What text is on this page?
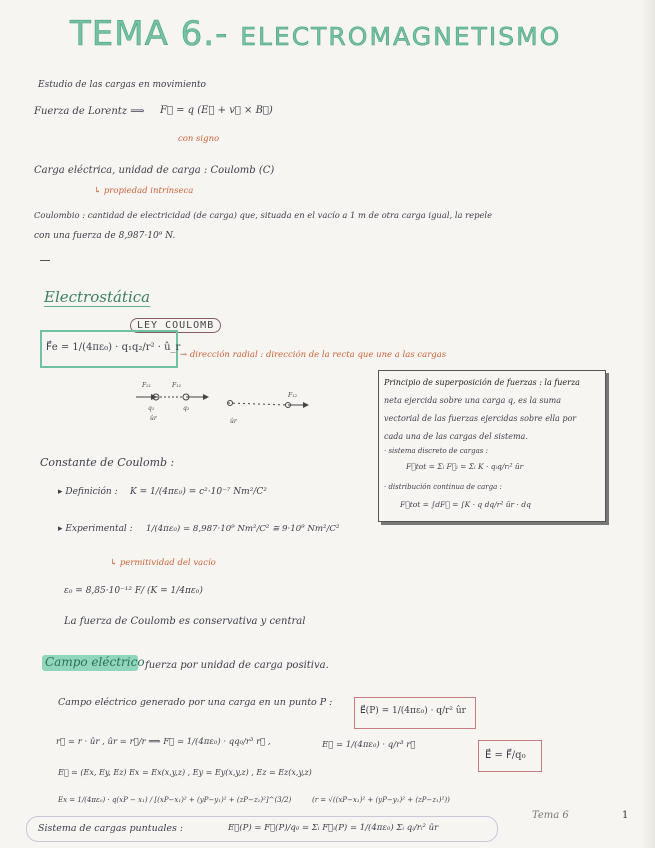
TEMA 6.- ELECTROMAGNETISMO
Estudio de las cargas en movimiento
Fuerza de Lorentz ⟹ F⃗ = q (E⃗ + v⃗ × B⃗)
con signo
Carga eléctrica, unidad de carga : Coulomb (C)
↳ propiedad intrínseca
Coulombio : cantidad de electricidad (de carga) que, situada en el vacío a 1 m de otra carga igual, la repele
con una fuerza de 8,987·10⁹ N.
Electrostática
LEY COULOMB
F⃗e = 1/(4πε₀) · q₁q₂/r² · û_r
→ dirección radial : dirección de la recta que une a las cargas
F₂₁	F₁₂
q₁	q₂
ûr	ûr
F₁₂
Principio de superposición de fuerzas : la fuerza
neta ejercida sobre una carga q, es la suma
vectorial de las fuerzas ejercidas sobre ella por
cada una de las cargas del sistema.
· sistema discreto de cargas :
F⃗tot = Σᵢ F⃗ᵢ = Σᵢ K · qᵢq/rᵢ² ûr
· distribución continua de carga :
F⃗tot = ∫dF⃗ = ∫K · q dq/r² ûr · dq
Constante de Coulomb :
▸ Definición : K = 1/(4πε₀) = c²·10⁻⁷ Nm²/C²
▸ Experimental : 1/(4πε₀) = 8,987·10⁹ Nm²/C² ≅ 9·10⁹ Nm²/C²
↳ permitividad del vacío
ε₀ = 8,85·10⁻¹² F/ (K = 1/4πε₀)
La fuerza de Coulomb es conservativa y central
Campo eléctrico fuerza por unidad de carga positiva.
Campo eléctrico generado por una carga en un punto P :
E⃗(P) = 1/(4πε₀) · q/r² ûr
r⃗ = r · ûr , ûr = r⃗/r ⟹ F⃗ = 1/(4πε₀) · qq₀/r³ r⃗ ,	E⃗ = 1/(4πε₀) · q/r³ r⃗
E⃗ = F⃗/q₀
E⃗ = (Ex, Ey, Ez) Ex = Ex(x,y,z) , Ey = Ey(x,y,z) , Ez = Ez(x,y,z)
Ex = 1/(4πε₀) · q(xP − x₁) / [(xP−x₁)² + (yP−y₁)² + (zP−z₁)²]^(3/2)	(r = √((xP−x₁)² + (yP−y₁)² + (zP−z₁)²))
Sistema de cargas puntuales :	E⃗(P) = F⃗(P)/q₀ = Σᵢ F⃗ᵢ(P) = 1/(4πε₀) Σᵢ qᵢ/rᵢ² ûr
Tema 6	1
